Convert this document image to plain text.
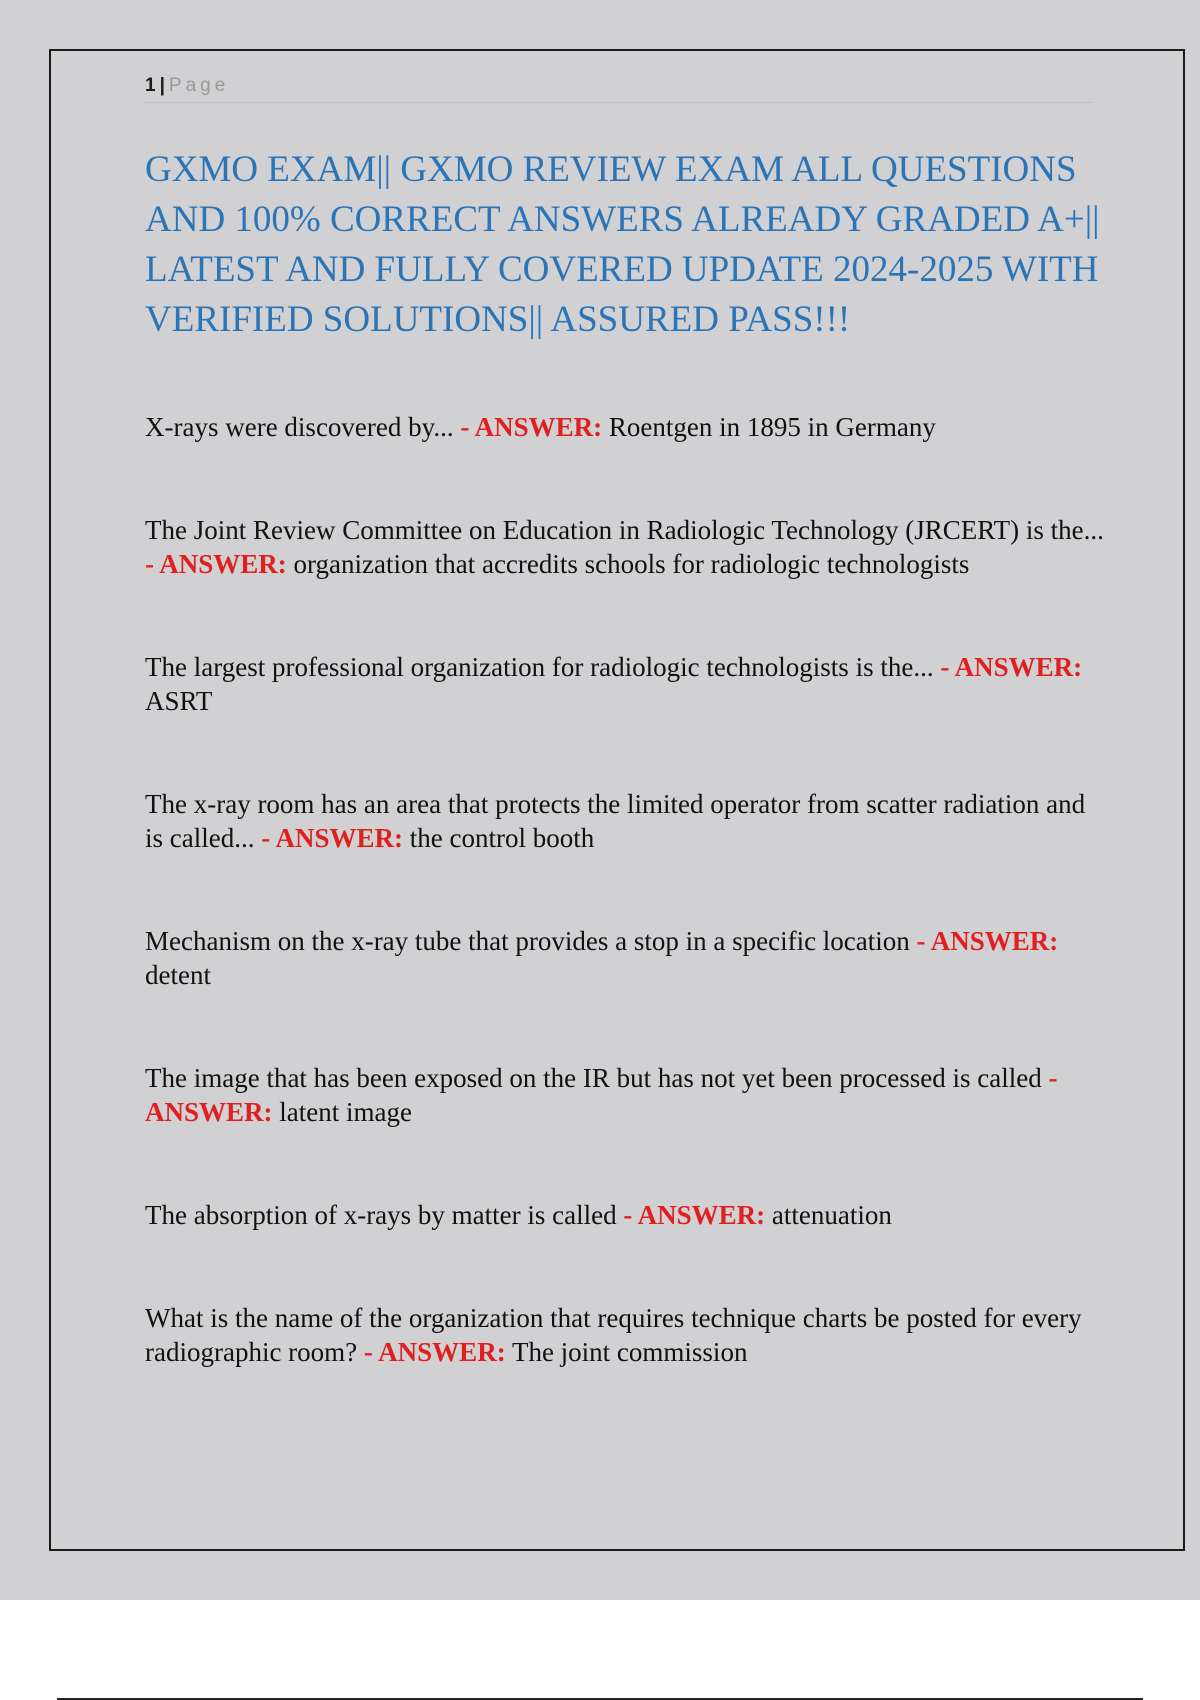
1 | Page
GXMO EXAM|| GXMO REVIEW EXAM ALL QUESTIONS AND 100% CORRECT ANSWERS ALREADY GRADED A+|| LATEST AND FULLY COVERED UPDATE 2024-2025 WITH VERIFIED SOLUTIONS|| ASSURED PASS!!!

X-rays were discovered by... - ANSWER: Roentgen in 1895 in Germany

The Joint Review Committee on Education in Radiologic Technology (JRCERT) is the... - ANSWER: organization that accredits schools for radiologic technologists

The largest professional organization for radiologic technologists is the... - ANSWER: ASRT

The x-ray room has an area that protects the limited operator from scatter radiation and is called... - ANSWER: the control booth

Mechanism on the x-ray tube that provides a stop in a specific location - ANSWER: detent

The image that has been exposed on the IR but has not yet been processed is called - ANSWER: latent image

The absorption of x-rays by matter is called - ANSWER: attenuation

What is the name of the organization that requires technique charts be posted for every radiographic room? - ANSWER: The joint commission
